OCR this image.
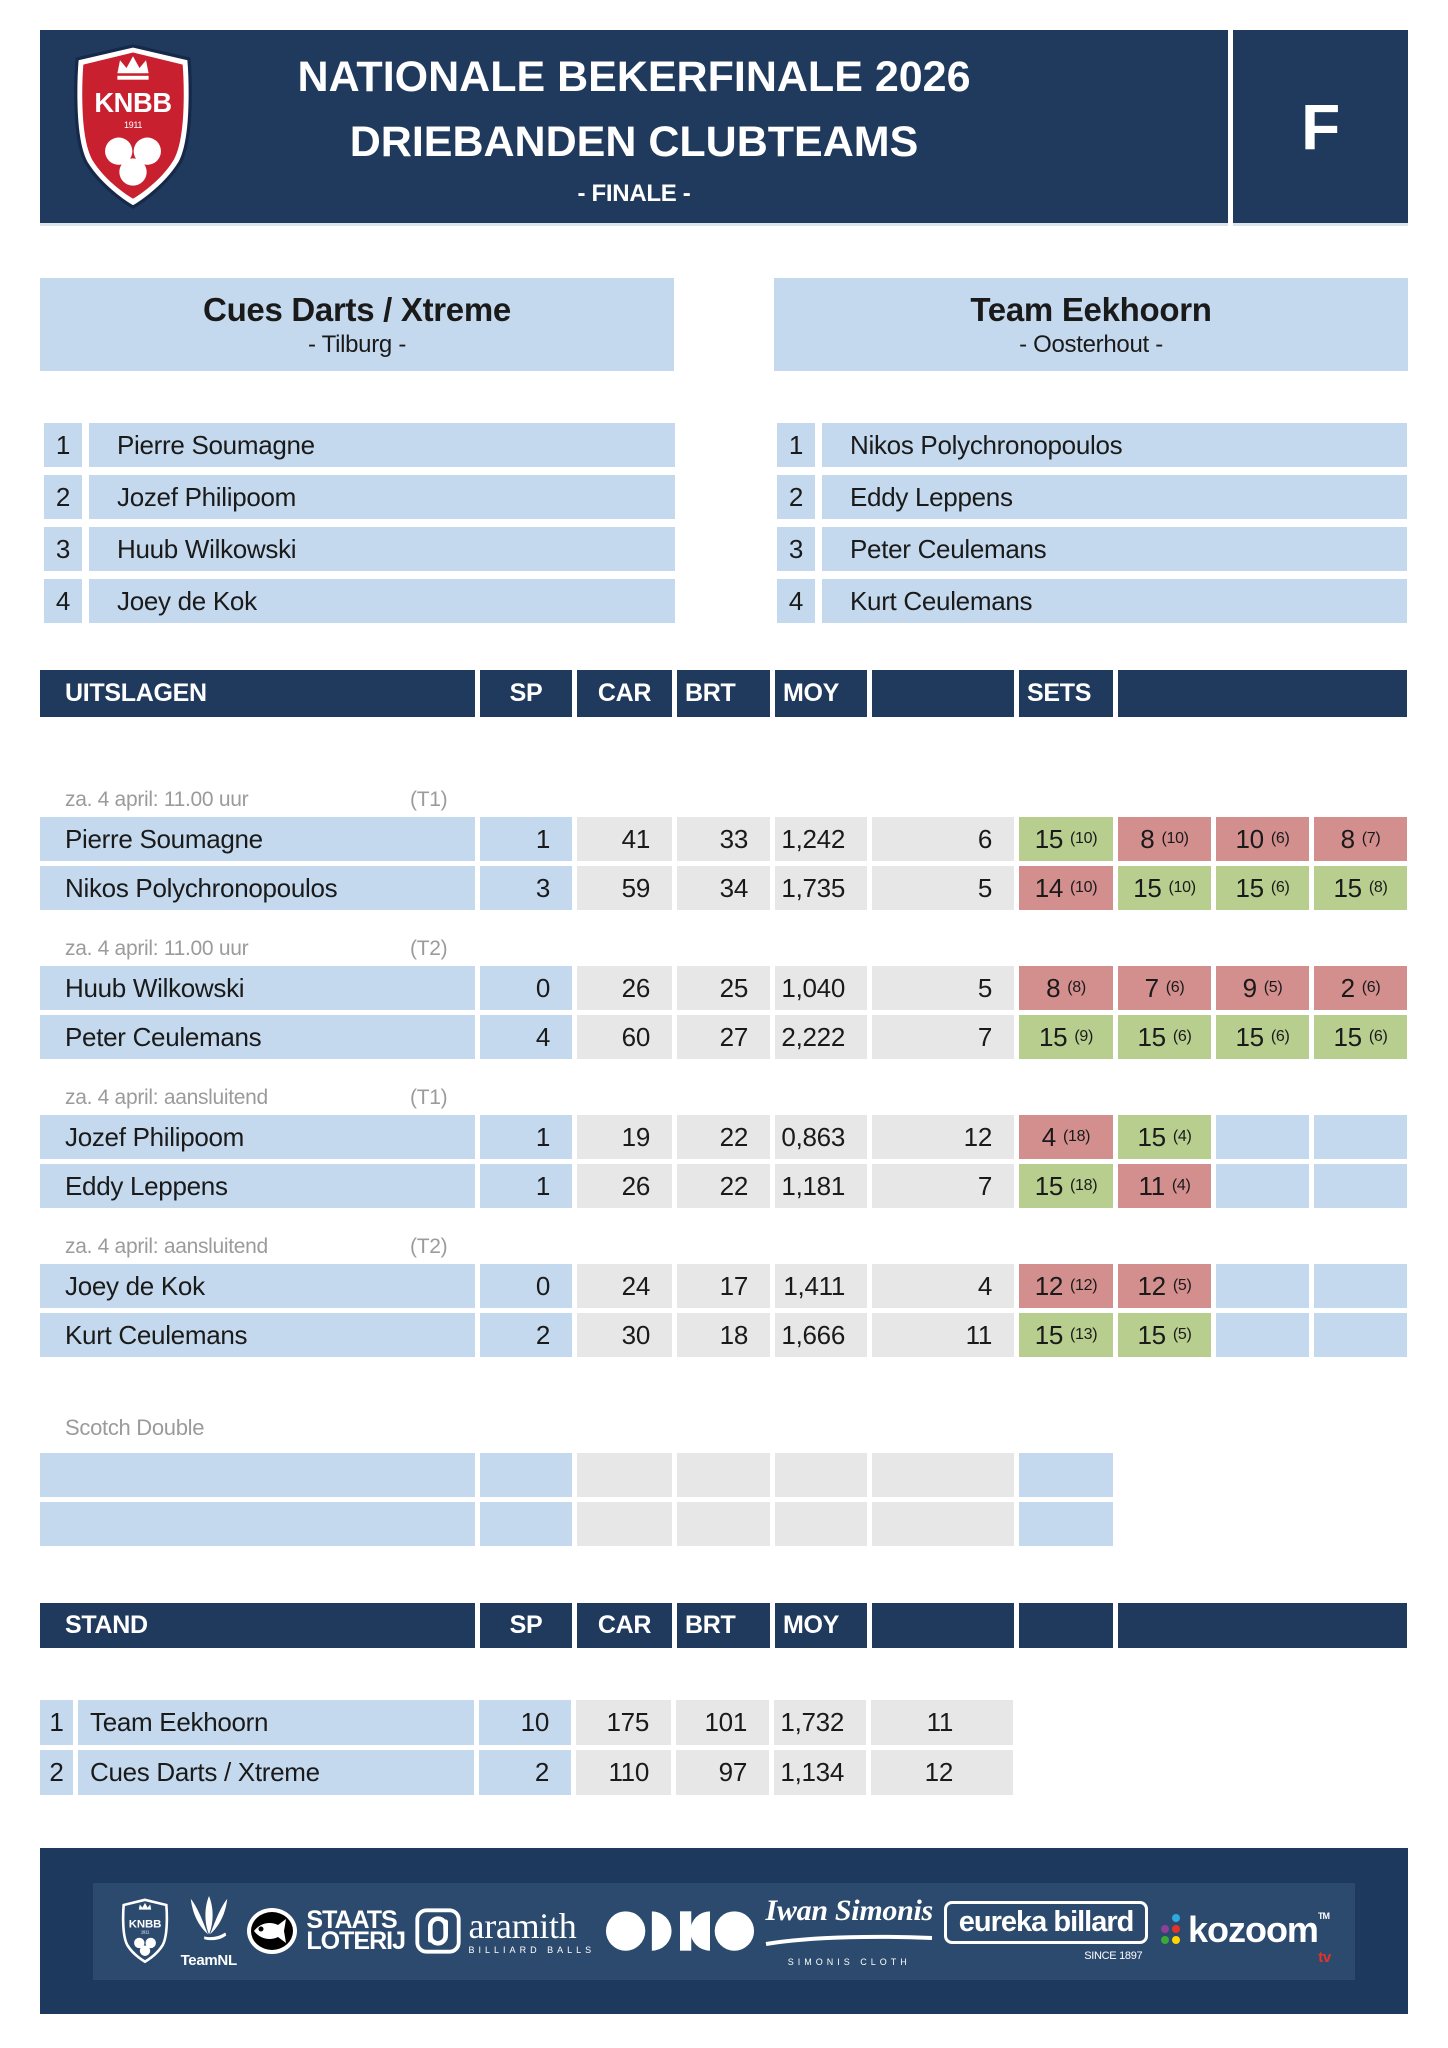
KNBB
1911
NATIONALE BEKERFINALE 2026
DRIEBANDEN CLUBTEAMS
- FINALE -
F
Cues Darts / Xtreme
- Tilburg -
Team Eekhoorn
- Oosterhout -
1	Pierre Soumagne
2	Jozef Philipoom
3	Huub Wilkowski
4	Joey de Kok
1	Nikos Polychronopoulos
2	Eddy Leppens
3	Peter Ceulemans
4	Kurt Ceulemans
UITSLAGEN	SP	CAR	BRT	MOY	SETS
za. 4 april: 11.00 uur	(T1)
Pierre Soumagne	1	41	33	1,242	6	15 (10) 8 (10) 10 (6) 8 (7)
Nikos Polychronopoulos	3	59	34	1,735	5	14 (10) 15 (10) 15 (6) 15 (8)
za. 4 april: 11.00 uur	(T2)
Huub Wilkowski	0	26	25	1,040	5	8 (8) 7 (6) 9 (5) 2 (6)
Peter Ceulemans	4	60	27	2,222	7	15 (9) 15 (6) 15 (6) 15 (6)
za. 4 april: aansluitend	(T1)
Jozef Philipoom	1	19	22	0,863	12	4 (18) 15 (4)
Eddy Leppens	1	26	22	1,181	7	15 (18) 11 (4)
za. 4 april: aansluitend	(T2)
Joey de Kok	0	24	17	1,411	4	12 (12) 12 (5)
Kurt Ceulemans	2	30	18	1,666	11	15 (13) 15 (5)
Scotch Double
STAND	SP	CAR	BRT	MOY
1	Team Eekhoorn	10	175	101	1,732	11
2	Cues Darts / Xtreme	2	110	97	1,134	12
KNBB
1911
TeamNL
STAATS
LOTERIJ aramith
BILLIARD BALLS
Iwan Simonis
SIMONIS CLOTH
eureka billard
SINCE 1897
kozoom™
tv
